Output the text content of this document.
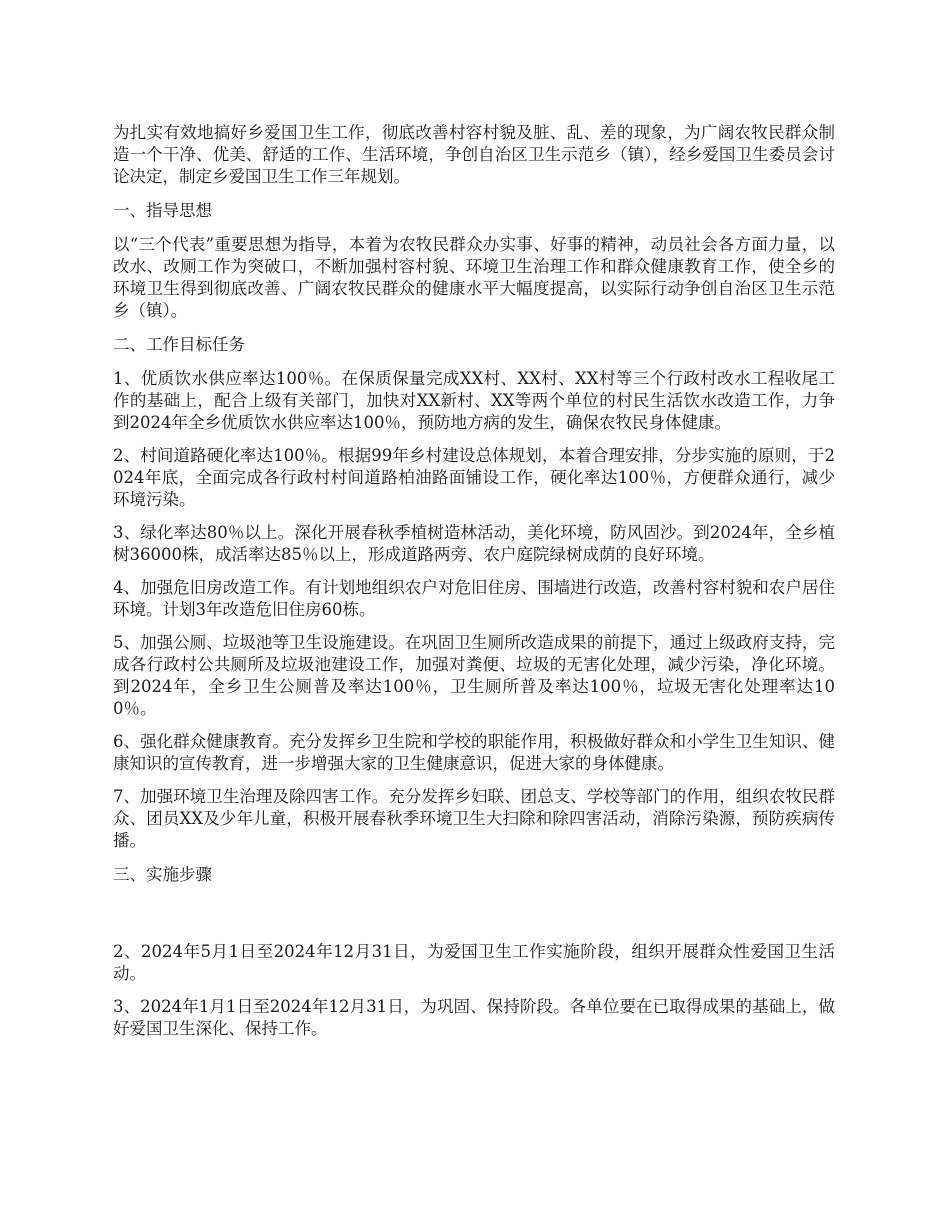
为扎实有效地搞好乡爱国卫生工作，彻底改善村容村貌及脏、乱、差的现象，为广阔农牧民群众制造一个干净、优美、舒适的工作、生活环境，争创自治区卫生示范乡（镇），经乡爱国卫生委员会讨论决定，制定乡爱国卫生工作三年规划。

一、指导思想

以“三个代表”重要思想为指导，本着为农牧民群众办实事、好事的精神，动员社会各方面力量，以改水、改厕工作为突破口，不断加强村容村貌、环境卫生治理工作和群众健康教育工作，使全乡的环境卫生得到彻底改善、广阔农牧民群众的健康水平大幅度提高，以实际行动争创自治区卫生示范乡（镇）。

二、工作目标任务

1、优质饮水供应率达100％。在保质保量完成XX村、XX村、XX村等三个行政村改水工程收尾工作的基础上，配合上级有关部门，加快对XX新村、XX等两个单位的村民生活饮水改造工作，力争到2024年全乡优质饮水供应率达100％，预防地方病的发生，确保农牧民身体健康。

2、村间道路硬化率达100％。根据99年乡村建设总体规划，本着合理安排，分步实施的原则，于2024年底，全面完成各行政村村间道路柏油路面铺设工作，硬化率达100％，方便群众通行，减少环境污染。

3、绿化率达80％以上。深化开展春秋季植树造林活动，美化环境，防风固沙。到2024年，全乡植树36000株，成活率达85％以上，形成道路两旁、农户庭院绿树成荫的良好环境。

4、加强危旧房改造工作。有计划地组织农户对危旧住房、围墙进行改造，改善村容村貌和农户居住环境。计划3年改造危旧住房60栋。

5、加强公厕、垃圾池等卫生设施建设。在巩固卫生厕所改造成果的前提下，通过上级政府支持，完成各行政村公共厕所及垃圾池建设工作，加强对粪便、垃圾的无害化处理，减少污染，净化环境。到2024年，全乡卫生公厕普及率达100％，卫生厕所普及率达100％，垃圾无害化处理率达100％。

6、强化群众健康教育。充分发挥乡卫生院和学校的职能作用，积极做好群众和小学生卫生知识、健康知识的宣传教育，进一步增强大家的卫生健康意识，促进大家的身体健康。

7、加强环境卫生治理及除四害工作。充分发挥乡妇联、团总支、学校等部门的作用，组织农牧民群众、团员XX及少年儿童，积极开展春秋季环境卫生大扫除和除四害活动，消除污染源，预防疾病传播。

三、实施步骤

2、2024年5月1日至2024年12月31日，为爱国卫生工作实施阶段，组织开展群众性爱国卫生活动。

3、2024年1月1日至2024年12月31日，为巩固、保持阶段。各单位要在已取得成果的基础上，做好爱国卫生深化、保持工作。
